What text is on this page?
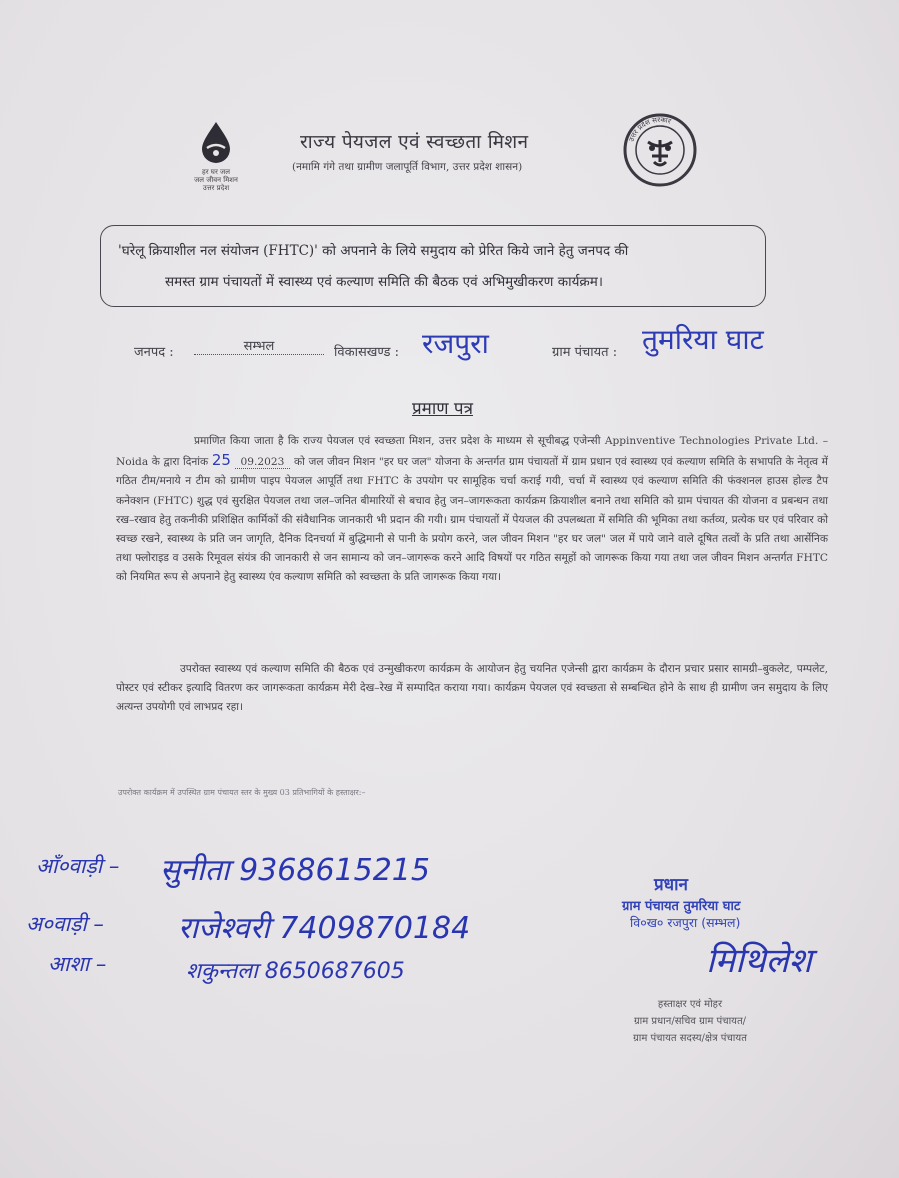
हर घर जल
जल जीवन मिशन
उत्तर प्रदेश
राज्य पेयजल एवं स्वच्छता मिशन
(नमामि गंगे तथा ग्रामीण जलापूर्ति विभाग, उत्तर प्रदेश शासन)
उत्तर प्रदेश सरकार
'घरेलू क्रियाशील नल संयोजन (FHTC)' को अपनाने के लिये समुदाय को प्रेरित किये जाने हेतु जनपद की
समस्त ग्राम पंचायतों में स्वास्थ्य एवं कल्याण समिति की बैठक एवं अभिमुखीकरण कार्यक्रम।
जनपद :	सम्भल	विकासखण्ड : रजपुरा	ग्राम पंचायत : तुमरिया घाट
प्रमाण पत्र
प्रमाणित किया जाता है कि राज्य पेयजल एवं स्वच्छता मिशन, उत्तर प्रदेश के माध्यम से सूचीबद्ध एजेन्सी Appinventive Technologies Private Ltd. – Noida के द्वारा दिनांक 25 09.2023 को जल जीवन मिशन "हर घर जल" योजना के अन्तर्गत ग्राम पंचायतों में ग्राम प्रधान एवं स्वास्थ्य एवं कल्याण समिति के सभापति के नेतृत्व में गठित टीम/मनाये न टीम को ग्रामीण पाइप पेयजल आपूर्ति तथा FHTC के उपयोग पर सामूहिक चर्चा कराई गयी, चर्चा में स्वास्थ्य एवं कल्याण समिति की फंक्शनल हाउस होल्ड टैप कनेक्शन (FHTC) शुद्ध एवं सुरक्षित पेयजल तथा जल–जनित बीमारियों से बचाव हेतु जन–जागरूकता कार्यक्रम क्रियाशील बनाने तथा समिति को ग्राम पंचायत की योजना व प्रबन्धन तथा रख–रखाव हेतु तकनीकी प्रशिक्षित कार्मिकों की संवैधानिक जानकारी भी प्रदान की गयी। ग्राम पंचायतों में पेयजल की उपलब्धता में समिति की भूमिका तथा कर्तव्य, प्रत्येक घर एवं परिवार को स्वच्छ रखने, स्वास्थ्य के प्रति जन जागृति, दैनिक दिनचर्या में बुद्धिमानी से पानी के प्रयोग करने, जल जीवन मिशन "हर घर जल" जल में पाये जाने वाले दूषित तत्वों के प्रति तथा आर्सेनिक तथा फ्लोराइड व उसके रिमूवल संयंत्र की जानकारी से जन सामान्य को जन–जागरूक करने आदि विषयों पर गठित समूहों को जागरूक किया गया तथा जल जीवन मिशन अन्तर्गत FHTC को नियमित रूप से अपनाने हेतु स्वास्थ्य एंव कल्याण समिति को स्वच्छता के प्रति जागरूक किया गया।
उपरोक्त स्वास्थ्य एवं कल्याण समिति की बैठक एवं उन्मुखीकरण कार्यक्रम के आयोजन हेतु चयनित एजेन्सी द्वारा कार्यक्रम के दौरान प्रचार प्रसार सामग्री–बुकलेट, पम्पलेट, पोस्टर एवं स्टीकर इत्यादि वितरण कर जागरूकता कार्यक्रम मेरी देख–रेख में सम्पादित कराया गया। कार्यक्रम पेयजल एवं स्वच्छता से सम्बन्धित होने के साथ ही ग्रामीण जन समुदाय के लिए अत्यन्त उपयोगी एवं लाभप्रद रहा।
उपरोक्त कार्यक्रम में उपस्थित ग्राम पंचायत स्तर के मुख्य 03 प्रतिभागियों के हस्ताक्षर:–
आँ०वाड़ी – सुनीता 9368615215
अ०वाड़ी – राजेश्वरी 7409870184
आशा –	शकुन्तला 8650687605
प्रधान
ग्राम पंचायत तुमरिया घाट
वि०ख० रजपुरा (सम्भल)
मिथिलेश
हस्ताक्षर एवं मोहर
ग्राम प्रधान/सचिव ग्राम पंचायत/
ग्राम पंचायत सदस्य/क्षेत्र पंचायत
